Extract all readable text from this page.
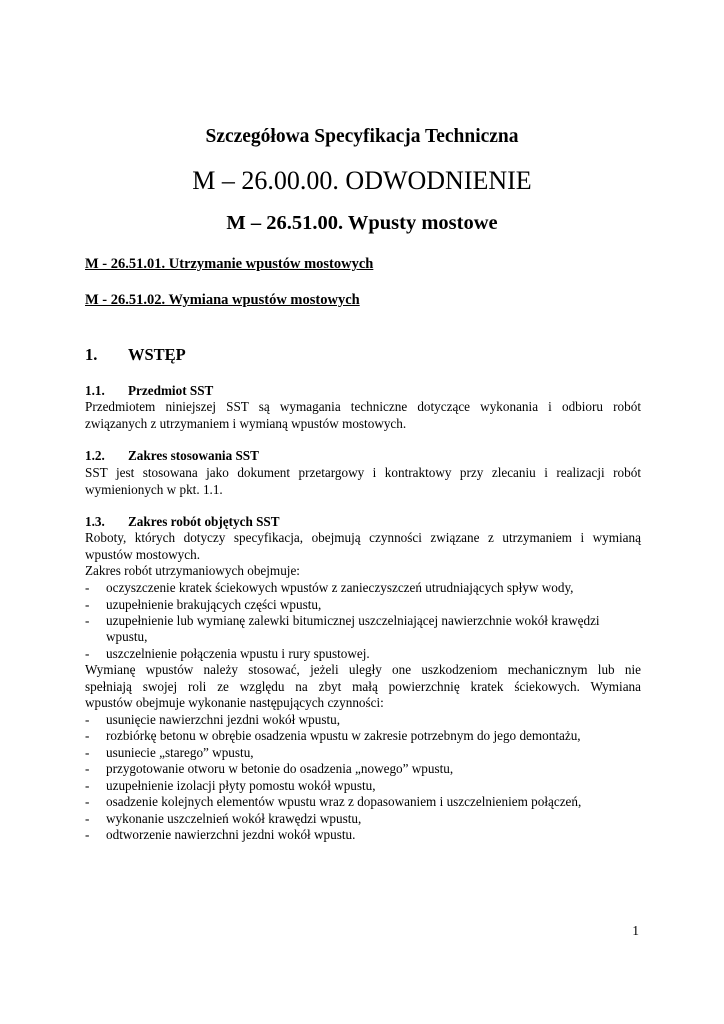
Szczegółowa Specyfikacja Techniczna
M – 26.00.00. ODWODNIENIE
M – 26.51.00. Wpusty mostowe
M - 26.51.01. Utrzymanie wpustów mostowych
M - 26.51.02. Wymiana wpustów mostowych
1. WSTĘP
1.1. Przedmiot SST
Przedmiotem niniejszej SST są wymagania techniczne dotyczące wykonania i odbioru robót
związanych z utrzymaniem i wymianą wpustów mostowych.
1.2. Zakres stosowania SST
SST jest stosowana jako dokument przetargowy i kontraktowy przy zlecaniu i realizacji robót
wymienionych w pkt. 1.1.
1.3. Zakres robót objętych SST
Roboty, których dotyczy specyfikacja, obejmują czynności związane z utrzymaniem i wymianą
wpustów mostowych.
Zakres robót utrzymaniowych obejmuje:
- oczyszczenie kratek ściekowych wpustów z zanieczyszczeń utrudniających spływ wody,
- uzupełnienie brakujących części wpustu,
- uzupełnienie lub wymianę zalewki bitumicznej uszczelniającej nawierzchnie wokół krawędzi
wpustu,
- uszczelnienie połączenia wpustu i rury spustowej.
Wymianę wpustów należy stosować, jeżeli uległy one uszkodzeniom mechanicznym lub nie
spełniają swojej roli ze względu na zbyt małą powierzchnię kratek ściekowych. Wymiana
wpustów obejmuje wykonanie następujących czynności:
- usunięcie nawierzchni jezdni wokół wpustu,
- rozbiórkę betonu w obrębie osadzenia wpustu w zakresie potrzebnym do jego demontażu,
- usuniecie „starego” wpustu,
- przygotowanie otworu w betonie do osadzenia „nowego” wpustu,
- uzupełnienie izolacji płyty pomostu wokół wpustu,
- osadzenie kolejnych elementów wpustu wraz z dopasowaniem i uszczelnieniem połączeń,
- wykonanie uszczelnień wokół krawędzi wpustu,
- odtworzenie nawierzchni jezdni wokół wpustu.
1
